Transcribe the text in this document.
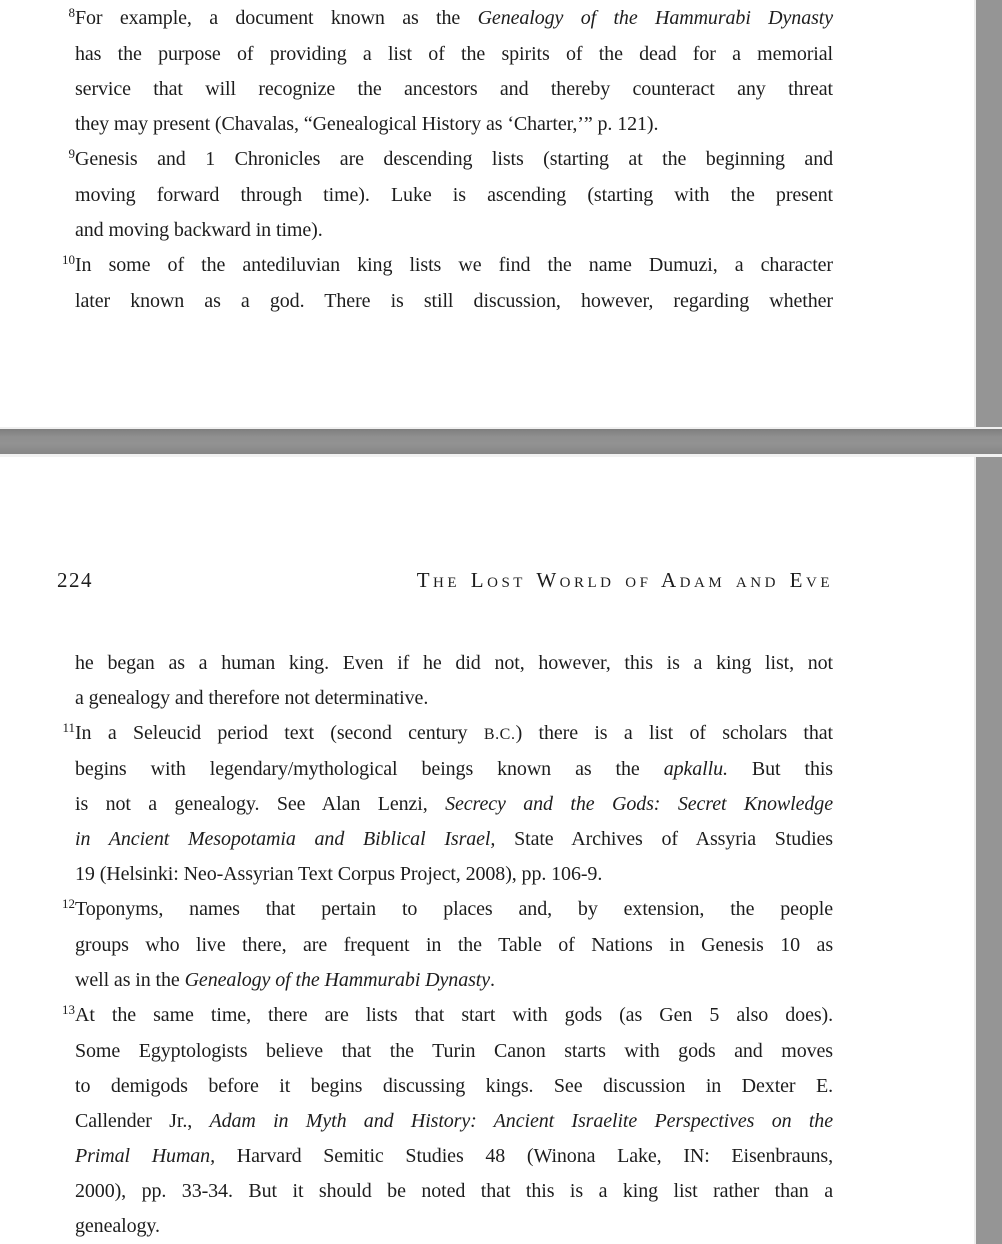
8For example, a document known as the Genealogy of the Hammurabi Dynasty
has the purpose of providing a list of the spirits of the dead for a memorial
service that will recognize the ancestors and thereby counteract any threat
they may present (Chavalas, “Genealogical History as ‘Charter,’” p. 121).
9Genesis and 1 Chronicles are descending lists (starting at the beginning and
moving forward through time). Luke is ascending (starting with the present
and moving backward in time).
10In some of the antediluvian king lists we find the name Dumuzi, a character
later known as a god. There is still discussion, however, regarding whether
224	The Lost World of Adam and Eve
he began as a human king. Even if he did not, however, this is a king list, not
a genealogy and therefore not determinative.
11In a Seleucid period text (second century B.C.) there is a list of scholars that
begins with legendary/mythological beings known as the apkallu. But this
is not a genealogy. See Alan Lenzi, Secrecy and the Gods: Secret Knowledge
in Ancient Mesopotamia and Biblical Israel, State Archives of Assyria Studies
19 (Helsinki: Neo-Assyrian Text Corpus Project, 2008), pp. 106-9.
12Toponyms, names that pertain to places and, by extension, the people
groups who live there, are frequent in the Table of Nations in Genesis 10 as
well as in the Genealogy of the Hammurabi Dynasty.
13At the same time, there are lists that start with gods (as Gen 5 also does).
Some Egyptologists believe that the Turin Canon starts with gods and moves
to demigods before it begins discussing kings. See discussion in Dexter E.
Callender Jr., Adam in Myth and History: Ancient Israelite Perspectives on the
Primal Human, Harvard Semitic Studies 48 (Winona Lake, IN: Eisenbrauns,
2000), pp. 33-34. But it should be noted that this is a king list rather than a
genealogy.
